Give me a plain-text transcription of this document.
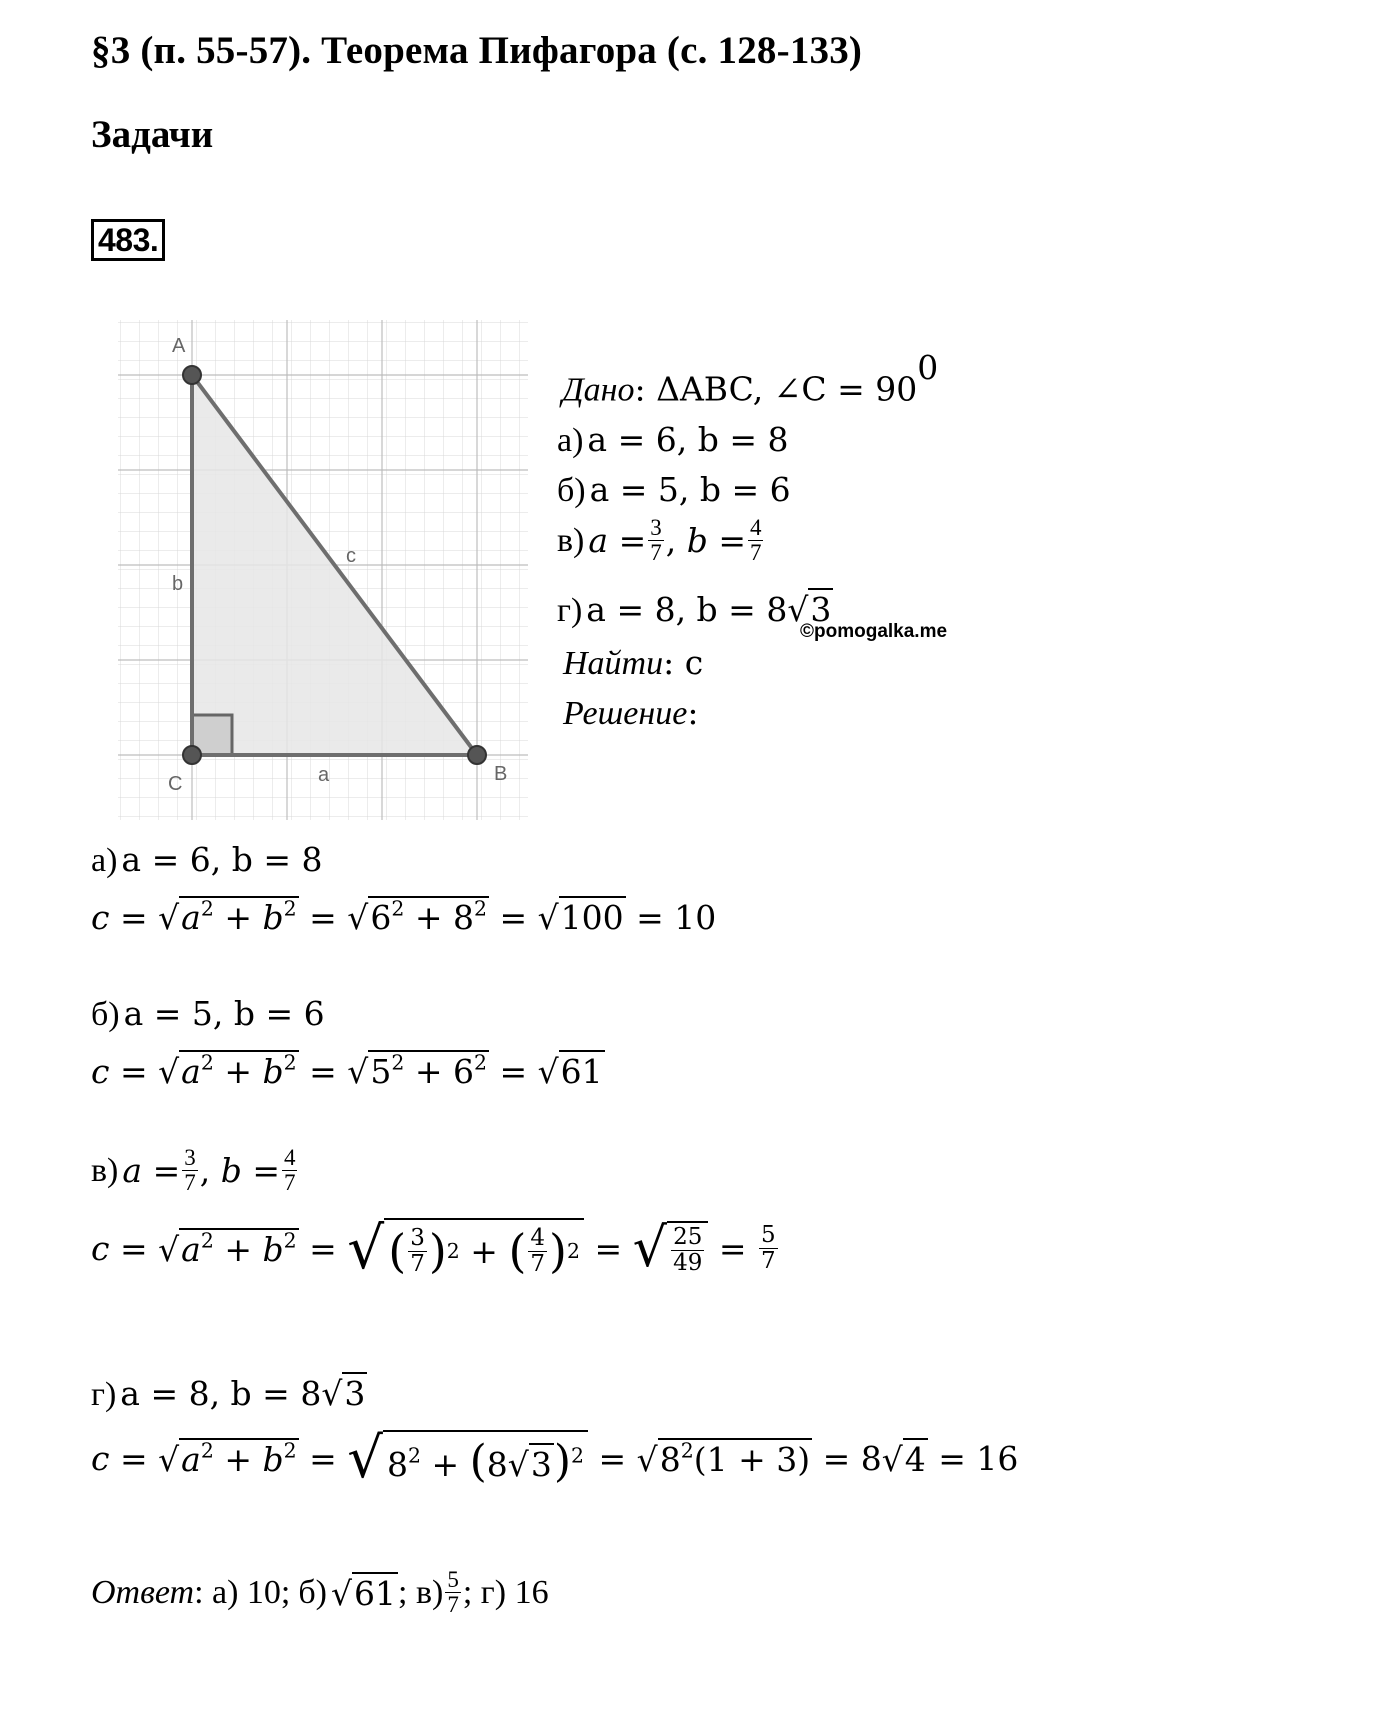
§3 (п. 55-57). Теорема Пифагора (с. 128-133)
Задачи
483.
A
B
C	a
b
c
Дано: ΔABC, ∠C = $90^0$
а) a = 6, b = 8
б) a = 5, b = 6
в)
$a = \frac{3}{7}$ , $b = \frac{4}{7}$
г) a = 8, b = 8√3
©pomogalka.me
Найти: c
Решение:
а) a = 6, b = 8
$c = √a^2 + b^2 = √6^2 + 8^2 = √100 = 10$
б) a = 5, b = 6
$c = √a^2 + b^2 = √5^2 + 6^2 = √61$
в)
$a = \frac{3}{7}$ , $b = \frac{4}{7}$
$c = √a^2 + b^2$ = √ ( $\frac{3}{7}$ ) 2 + ( $\frac{4}{7}$ ) 2 = √ $\frac{25}{49} = \frac{5}{7}$
г) a = 8, b = 8√3
$c = √a^2 + b^2$ = √ $8^2 + (8√3)^2 = √8^2(1 + 3) = 8$ √4
= 16
Ответ : а) 10;
б)
√61 ; $в) \frac{5}{7}$ ; г) 16
